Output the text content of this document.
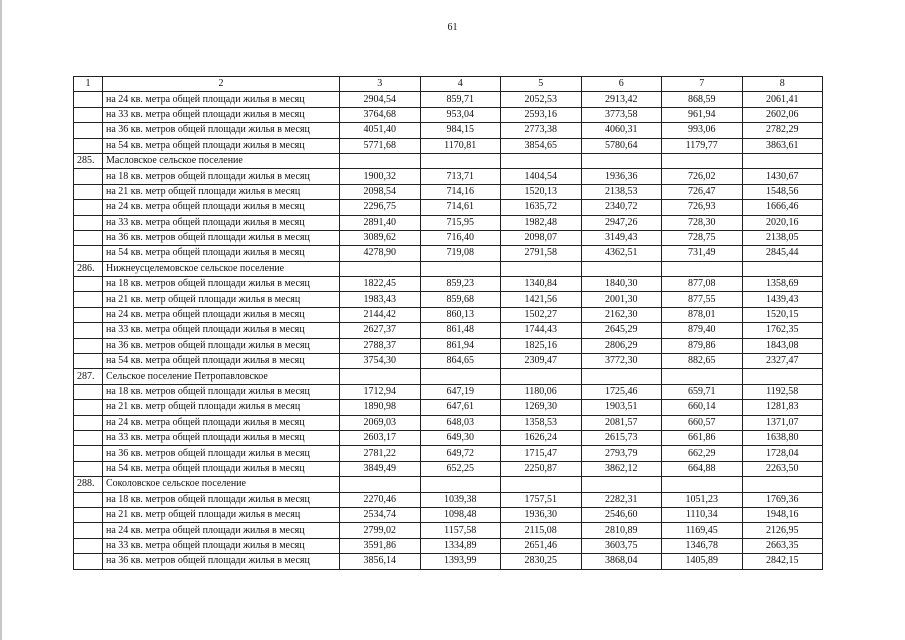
61
1	2	3	4	5	6	7	8
	на 24 кв. метра общей площади жилья в месяц	2904,54	859,71	2052,53	2913,42	868,59	2061,41
	на 33 кв. метра общей площади жилья в месяц	3764,68	953,04	2593,16	3773,58	961,94	2602,06
	на 36 кв. метров общей площади жилья в месяц	4051,40	984,15	2773,38	4060,31	993,06	2782,29
	на 54 кв. метра общей площади жилья в месяц	5771,68	1170,81	3854,65	5780,64	1179,77	3863,61
285.	Масловское сельское поселение						
	на 18 кв. метров общей площади жилья в месяц	1900,32	713,71	1404,54	1936,36	726,02	1430,67
	на 21 кв. метр общей площади жилья в месяц	2098,54	714,16	1520,13	2138,53	726,47	1548,56
	на 24 кв. метра общей площади жилья в месяц	2296,75	714,61	1635,72	2340,72	726,93	1666,46
	на 33 кв. метра общей площади жилья в месяц	2891,40	715,95	1982,48	2947,26	728,30	2020,16
	на 36 кв. метров общей площади жилья в месяц	3089,62	716,40	2098,07	3149,43	728,75	2138,05
	на 54 кв. метра общей площади жилья в месяц	4278,90	719,08	2791,58	4362,51	731,49	2845,44
286.	Нижнеусцелемовское сельское поселение						
	на 18 кв. метров общей площади жилья в месяц	1822,45	859,23	1340,84	1840,30	877,08	1358,69
	на 21 кв. метр общей площади жилья в месяц	1983,43	859,68	1421,56	2001,30	877,55	1439,43
	на 24 кв. метра общей площади жилья в месяц	2144,42	860,13	1502,27	2162,30	878,01	1520,15
	на 33 кв. метра общей площади жилья в месяц	2627,37	861,48	1744,43	2645,29	879,40	1762,35
	на 36 кв. метров общей площади жилья в месяц	2788,37	861,94	1825,16	2806,29	879,86	1843,08
	на 54 кв. метра общей площади жилья в месяц	3754,30	864,65	2309,47	3772,30	882,65	2327,47
287.	Сельское поселение Петропавловское						
	на 18 кв. метров общей площади жилья в месяц	1712,94	647,19	1180,06	1725,46	659,71	1192,58
	на 21 кв. метр общей площади жилья в месяц	1890,98	647,61	1269,30	1903,51	660,14	1281,83
	на 24 кв. метра общей площади жилья в месяц	2069,03	648,03	1358,53	2081,57	660,57	1371,07
	на 33 кв. метра общей площади жилья в месяц	2603,17	649,30	1626,24	2615,73	661,86	1638,80
	на 36 кв. метров общей площади жилья в месяц	2781,22	649,72	1715,47	2793,79	662,29	1728,04
	на 54 кв. метра общей площади жилья в месяц	3849,49	652,25	2250,87	3862,12	664,88	2263,50
288.	Соколовское сельское поселение						
	на 18 кв. метров общей площади жилья в месяц	2270,46	1039,38	1757,51	2282,31	1051,23	1769,36
	на 21 кв. метр общей площади жилья в месяц	2534,74	1098,48	1936,30	2546,60	1110,34	1948,16
	на 24 кв. метра общей площади жилья в месяц	2799,02	1157,58	2115,08	2810,89	1169,45	2126,95
	на 33 кв. метра общей площади жилья в месяц	3591,86	1334,89	2651,46	3603,75	1346,78	2663,35
	на 36 кв. метров общей площади жилья в месяц	3856,14	1393,99	2830,25	3868,04	1405,89	2842,15
